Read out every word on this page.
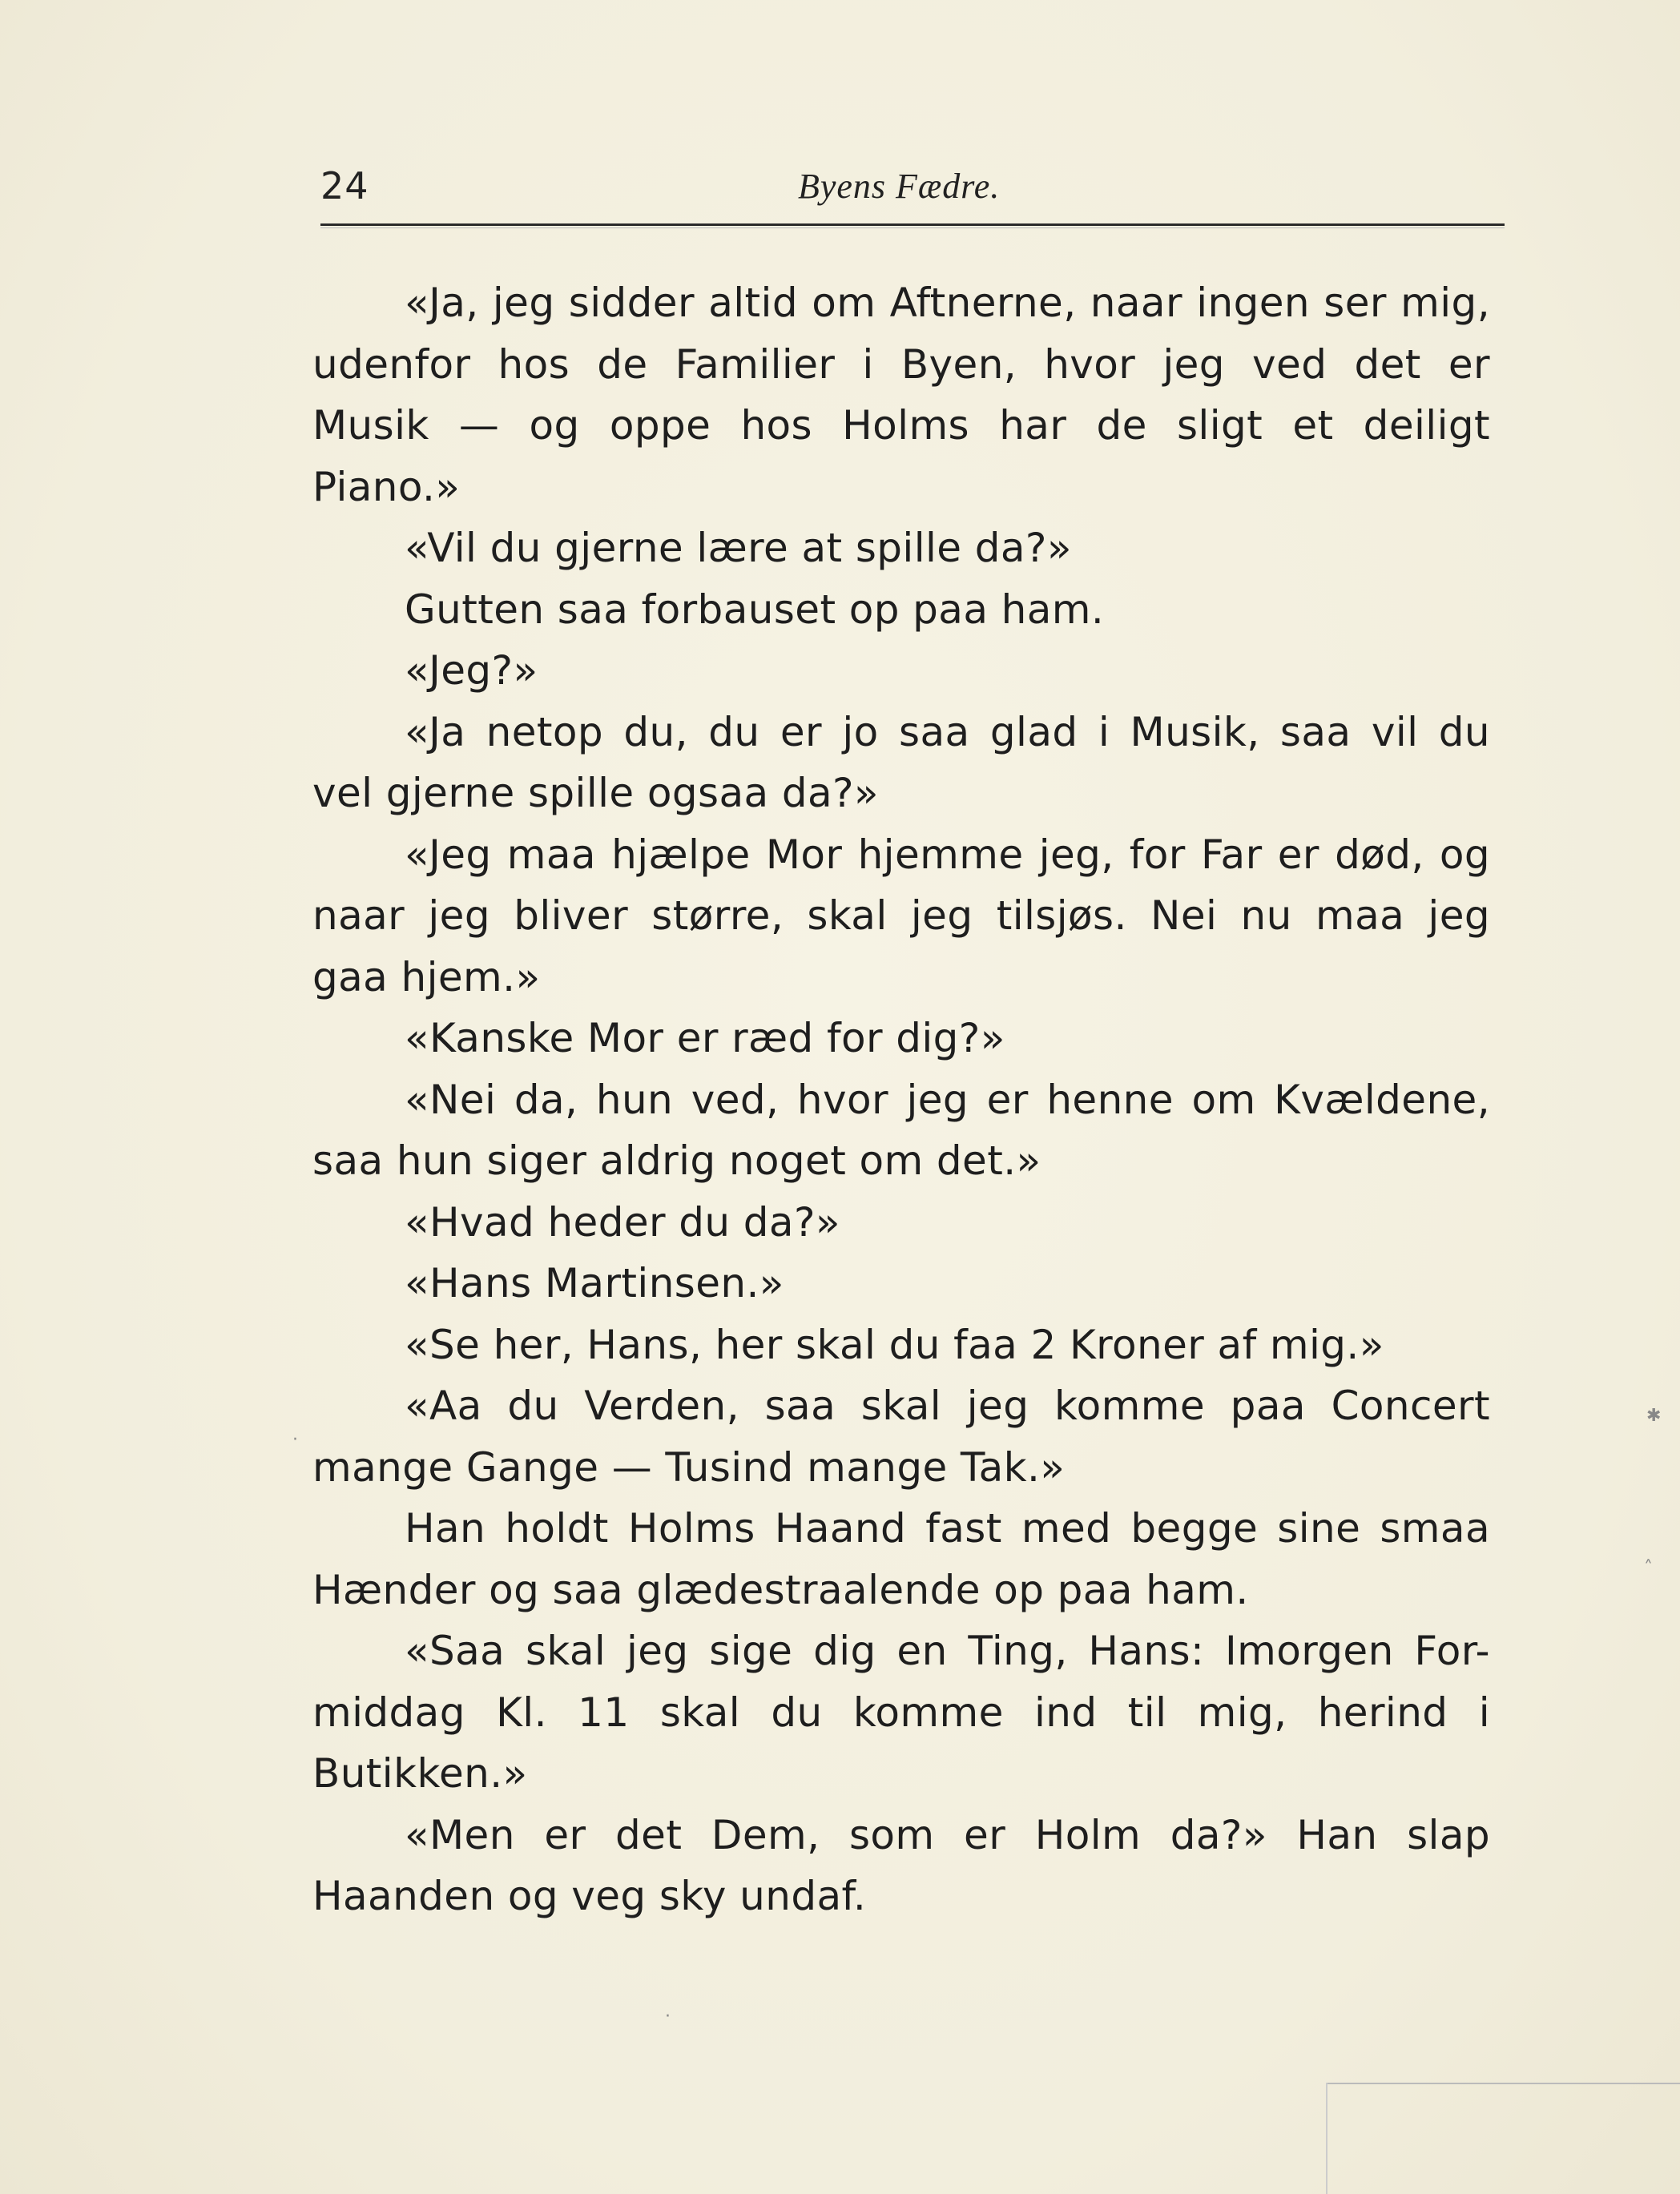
24	Byens Fædre.
«Ja, jeg sidder altid om Aftnerne, naar ingen ser mig,
udenfor hos de Familier i Byen, hvor jeg ved det er
Musik — og oppe hos Holms har de sligt et deiligt
Piano.»
«Vil du gjerne lære at spille da?»
Gutten saa forbauset op paa ham.
«Jeg?»
«Ja netop du, du er jo saa glad i Musik, saa vil du
vel gjerne spille ogsaa da?»
«Jeg maa hjælpe Mor hjemme jeg, for Far er død, og
naar jeg bliver større, skal jeg tilsjøs. Nei nu maa jeg
gaa hjem.»
«Kanske Mor er ræd for dig?»
«Nei da, hun ved, hvor jeg er henne om Kvældene,
saa hun siger aldrig noget om det.»
«Hvad heder du da?»
«Hans Martinsen.»
«Se her, Hans, her skal du faa 2 Kroner af mig.»
«Aa du Verden, saa skal jeg komme paa Concert
mange Gange — Tusind mange Tak.»
Han holdt Holms Haand fast med begge sine smaa
Hænder og saa glædestraalende op paa ham.
«Saa skal jeg sige dig en Ting, Hans: Imorgen For-
middag Kl. 11 skal du komme ind til mig, herind i
Butikken.»
«Men er det Dem, som er Holm da?» Han slap
Haanden og veg sky undaf.
✱
˄
·
·
